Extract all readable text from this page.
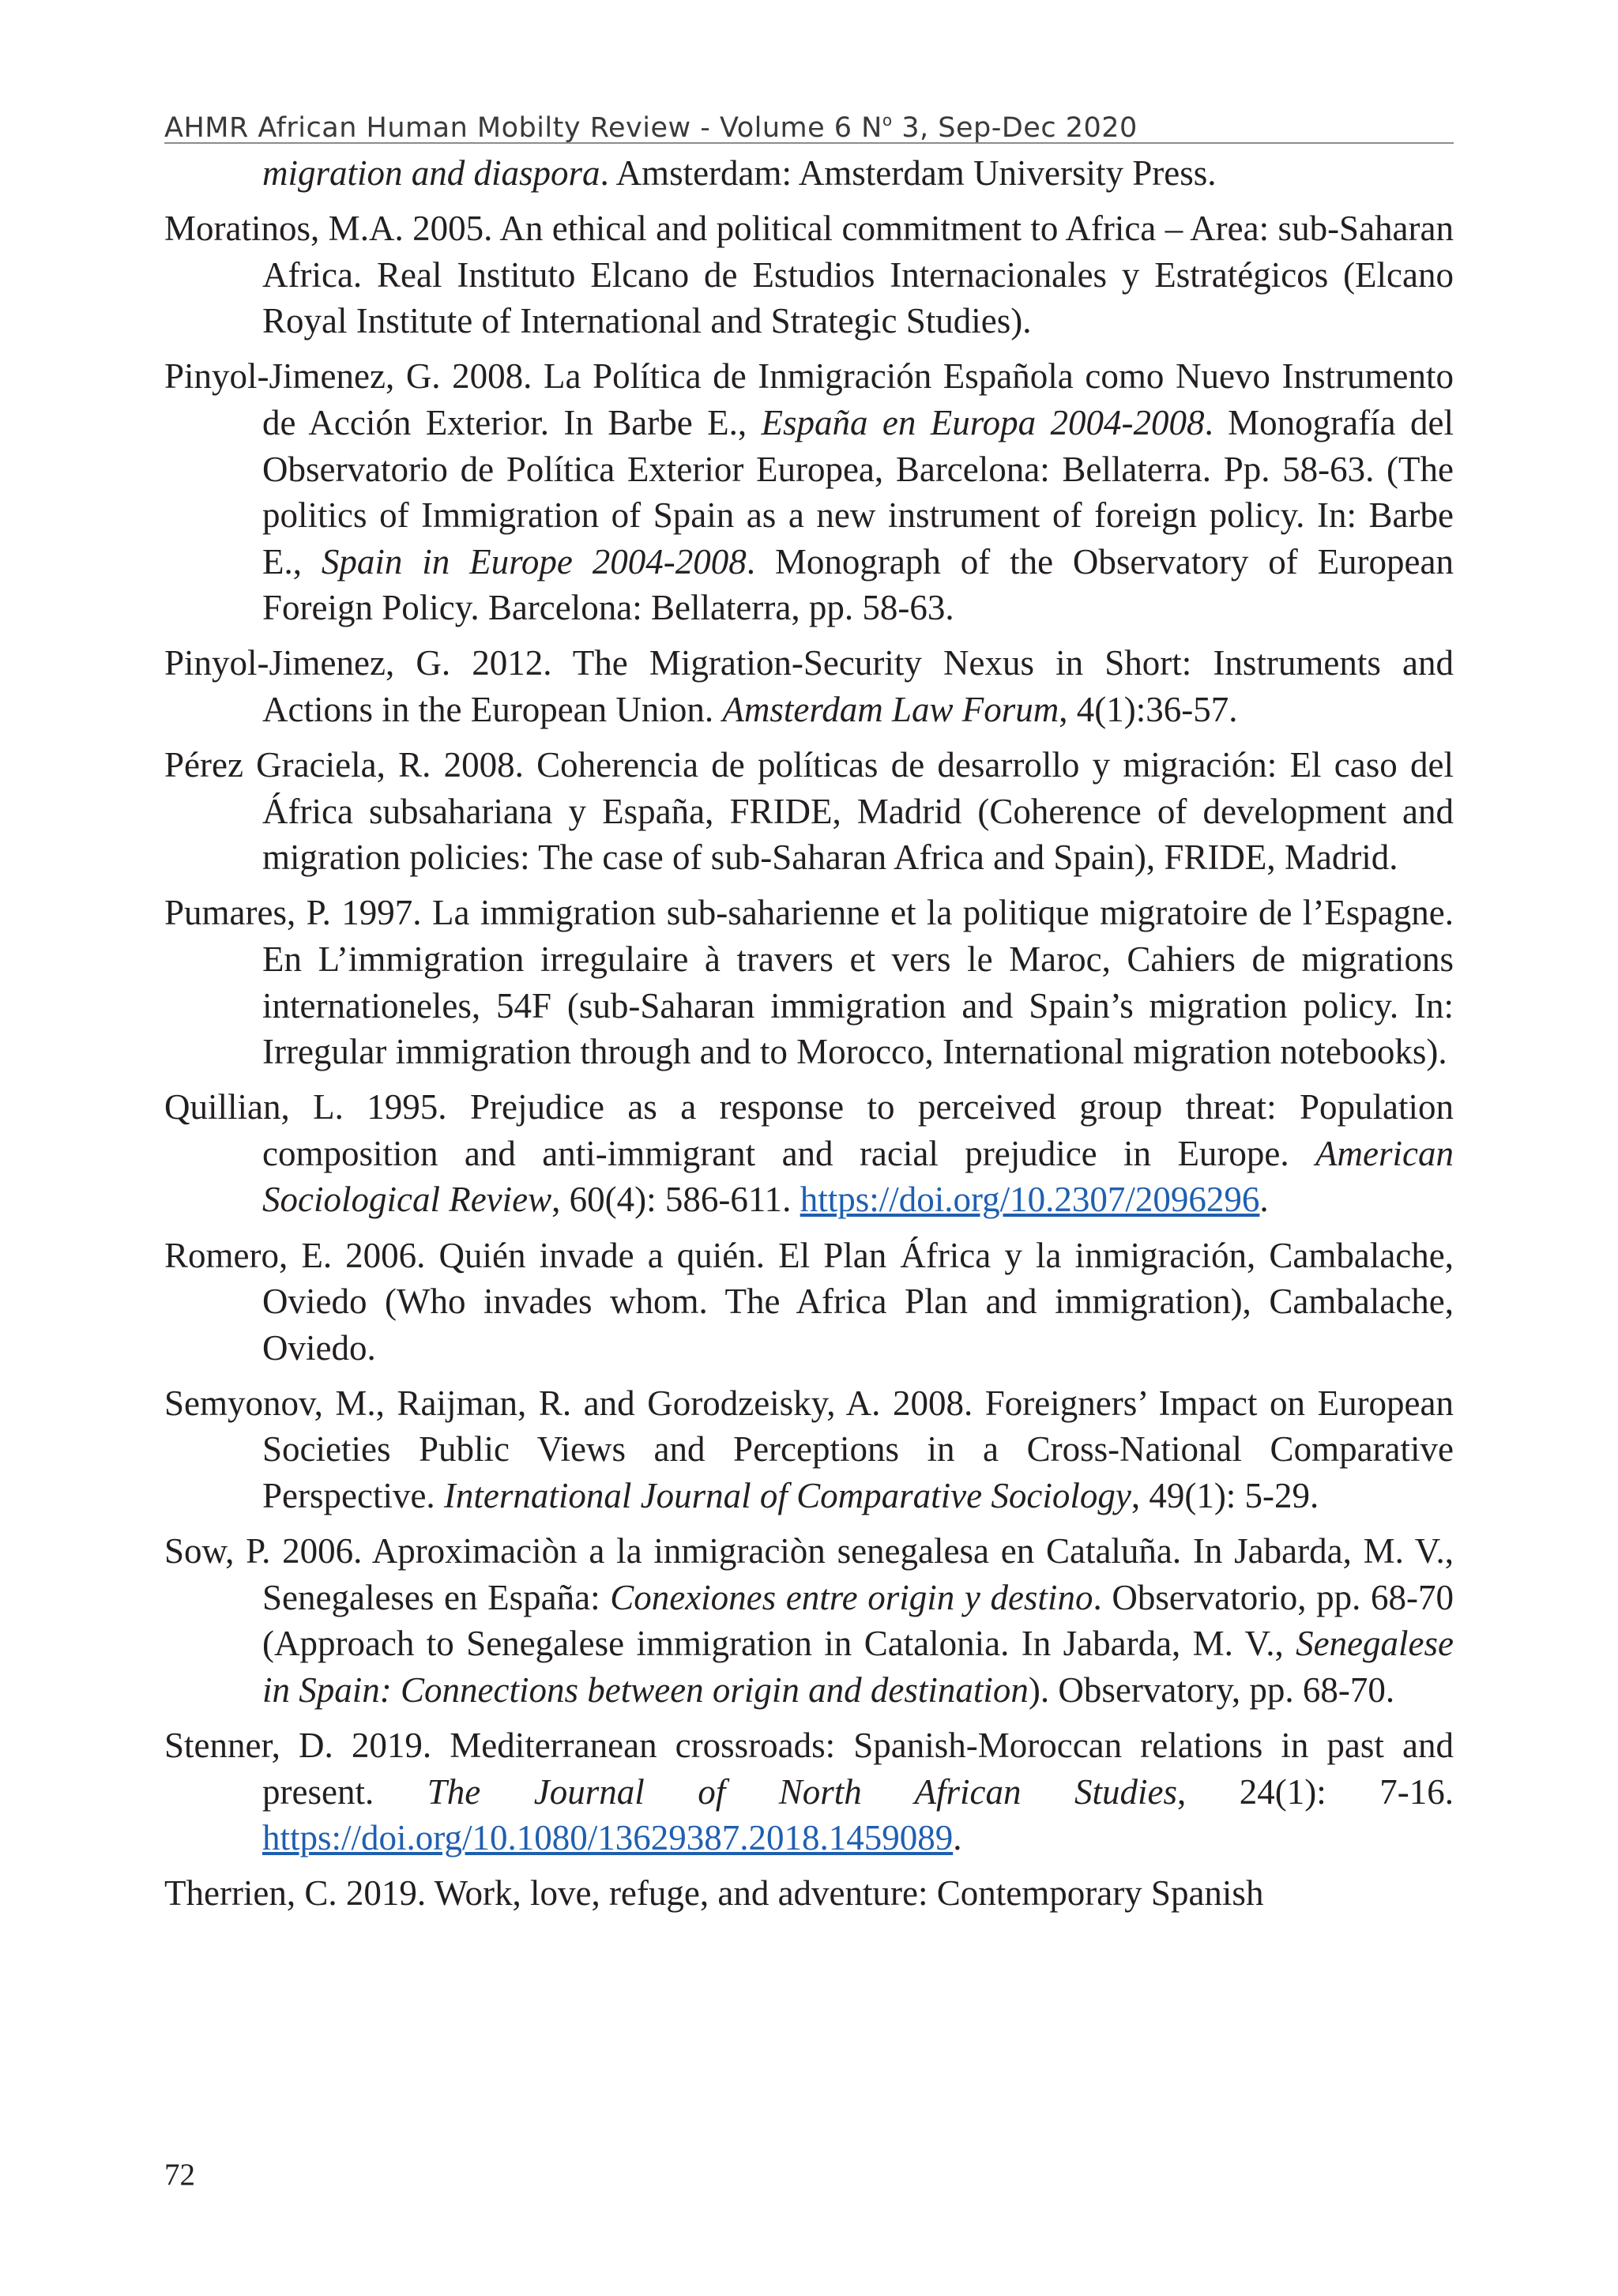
AHMR African Human Mobilty Review - Volume 6 $N^o$ 3, Sep-Dec 2020

migration and diaspora. Amsterdam: Amsterdam University Press.

Moratinos, M.A. 2005. An ethical and political commitment to Africa – Area: sub-Saharan Africa. Real Instituto Elcano de Estudios Internacionales y Estratégicos (Elcano Royal Institute of International and Strategic Studies).

Pinyol-Jimenez, G. 2008. La Política de Inmigración Española como Nuevo Instrumento de Acción Exterior. In Barbe E., España en Europa 2004-2008. Monografía del Observatorio de Política Exterior Europea, Barcelona: Bellaterra. Pp. 58-63. (The politics of Immigration of Spain as a new instrument of foreign policy. In: Barbe E., Spain in Europe 2004-2008. Monograph of the Observatory of European Foreign Policy. Barcelona: Bellaterra, pp. 58-63.

Pinyol-Jimenez, G. 2012. The Migration-Security Nexus in Short: Instruments and Actions in the European Union. Amsterdam Law Forum, 4(1):36-57.

Pérez Graciela, R. 2008. Coherencia de políticas de desarrollo y migración: El caso del África subsahariana y España, FRIDE, Madrid (Coherence of development and migration policies: The case of sub-Saharan Africa and Spain), FRIDE, Madrid.

Pumares, P. 1997. La immigration sub-saharienne et la politique migratoire de l’Espagne. En L’immigration irregulaire à travers et vers le Maroc, Cahiers de migrations internationeles, 54F (sub-Saharan immigration and Spain’s migration policy. In: Irregular immigration through and to Morocco, International migration notebooks).

Quillian, L. 1995. Prejudice as a response to perceived group threat: Population composition and anti-immigrant and racial prejudice in Europe. American Sociological Review, 60(4): 586-611. https://doi.org/10.2307/2096296.

Romero, E. 2006. Quién invade a quién. El Plan África y la inmigración, Cambalache, Oviedo (Who invades whom. The Africa Plan and immigration), Cambalache, Oviedo.

Semyonov, M., Raijman, R. and Gorodzeisky, A. 2008. Foreigners’ Impact on European Societies Public Views and Perceptions in a Cross-National Comparative Perspective. International Journal of Comparative Sociology, 49(1): 5-29.

Sow, P. 2006. Aproximaciòn a la inmigraciòn senegalesa en Cataluña. In Jabarda, M. V., Senegaleses en España: Conexiones entre origin y destino. Observatorio, pp. 68-70 (Approach to Senegalese immigration in Catalonia. In Jabarda, M. V., Senegalese in Spain: Connections between origin and destination). Observatory, pp. 68-70.

Stenner, D. 2019. Mediterranean crossroads: Spanish-Moroccan relations in past and present. The Journal of North African Studies, 24(1): 7-16. https://doi.org/10.1080/13629387.2018.1459089.

Therrien, C. 2019. Work, love, refuge, and adventure: Contemporary Spanish

72
